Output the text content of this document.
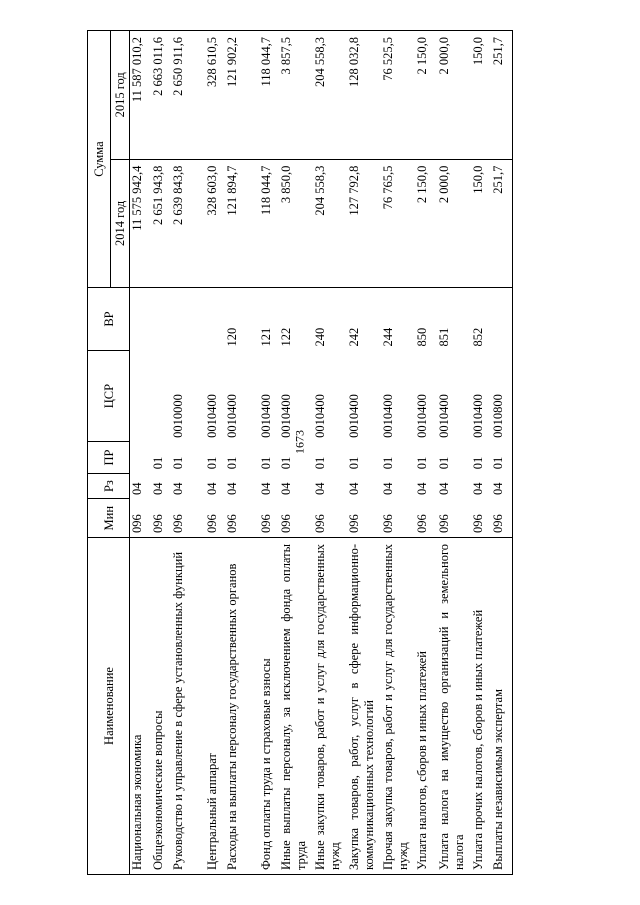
1673
Наименование	Мин	Рз	ПР	ЦСР	ВР	Сумма	
						2014 год	2015 год
Национальная экономика	096	04				11 575 942,4	11 587 010,2
Общеэкономические вопросы	096	04	01			2 651 943,8	2 663 011,6
Руководство и управление в сфере установленных функций	096	04	01	0010000		2 639 843,8	2 650 911,6
Центральный аппарат	096	04	01	0010400		328 603,0	328 610,5
Расходы на выплаты персоналу государственных органов	096	04	01	0010400	120	121 894,7	121 902,2
Фонд оплаты труда и страховые взносы	096	04	01	0010400	121	118 044,7	118 044,7
Иные выплаты персоналу, за исключением фонда оплаты труда	096	04	01	0010400	122	3 850,0	3 857,5
Иные закупки товаров, работ и услуг для государственных нужд	096	04	01	0010400	240	204 558,3	204 558,3
Закупка товаров, работ, услуг в сфере информационно-коммуникационных технологий	096	04	01	0010400	242	127 792,8	128 032,8
Прочая закупка товаров, работ и услуг для государственных нужд	096	04	01	0010400	244	76 765,5	76 525,5
Уплата налогов, сборов и иных платежей	096	04	01	0010400	850	2 150,0	2 150,0
Уплата налога на имущество организаций и земельного налога	096	04	01	0010400	851	2 000,0	2 000,0
Уплата прочих налогов, сборов и иных платежей	096	04	01	0010400	852	150,0	150,0
Выплаты независимым экспертам	096	04	01	0010800		251,7	251,7
